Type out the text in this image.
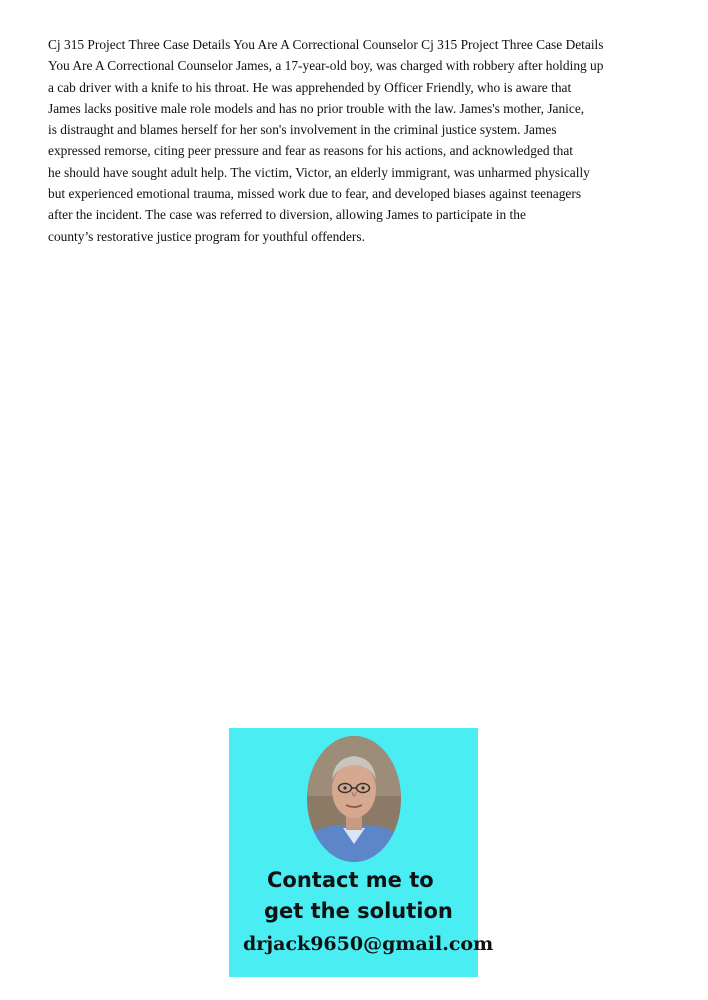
Cj 315 Project Three Case Details You Are A Correctional Counselor Cj 315 Project Three Case Details
You Are A Correctional Counselor James, a 17-year-old boy, was charged with robbery after holding up
a cab driver with a knife to his throat. He was apprehended by Officer Friendly, who is aware that
James lacks positive male role models and has no prior trouble with the law. James's mother, Janice,
is distraught and blames herself for her son's involvement in the criminal justice system. James
expressed remorse, citing peer pressure and fear as reasons for his actions, and acknowledged that
he should have sought adult help. The victim, Victor, an elderly immigrant, was unharmed physically
but experienced emotional trauma, missed work due to fear, and developed biases against teenagers
after the incident. The case was referred to diversion, allowing James to participate in the
county’s restorative justice program for youthful offenders.
Contact me to
get the solution
drjack9650@gmail.com
